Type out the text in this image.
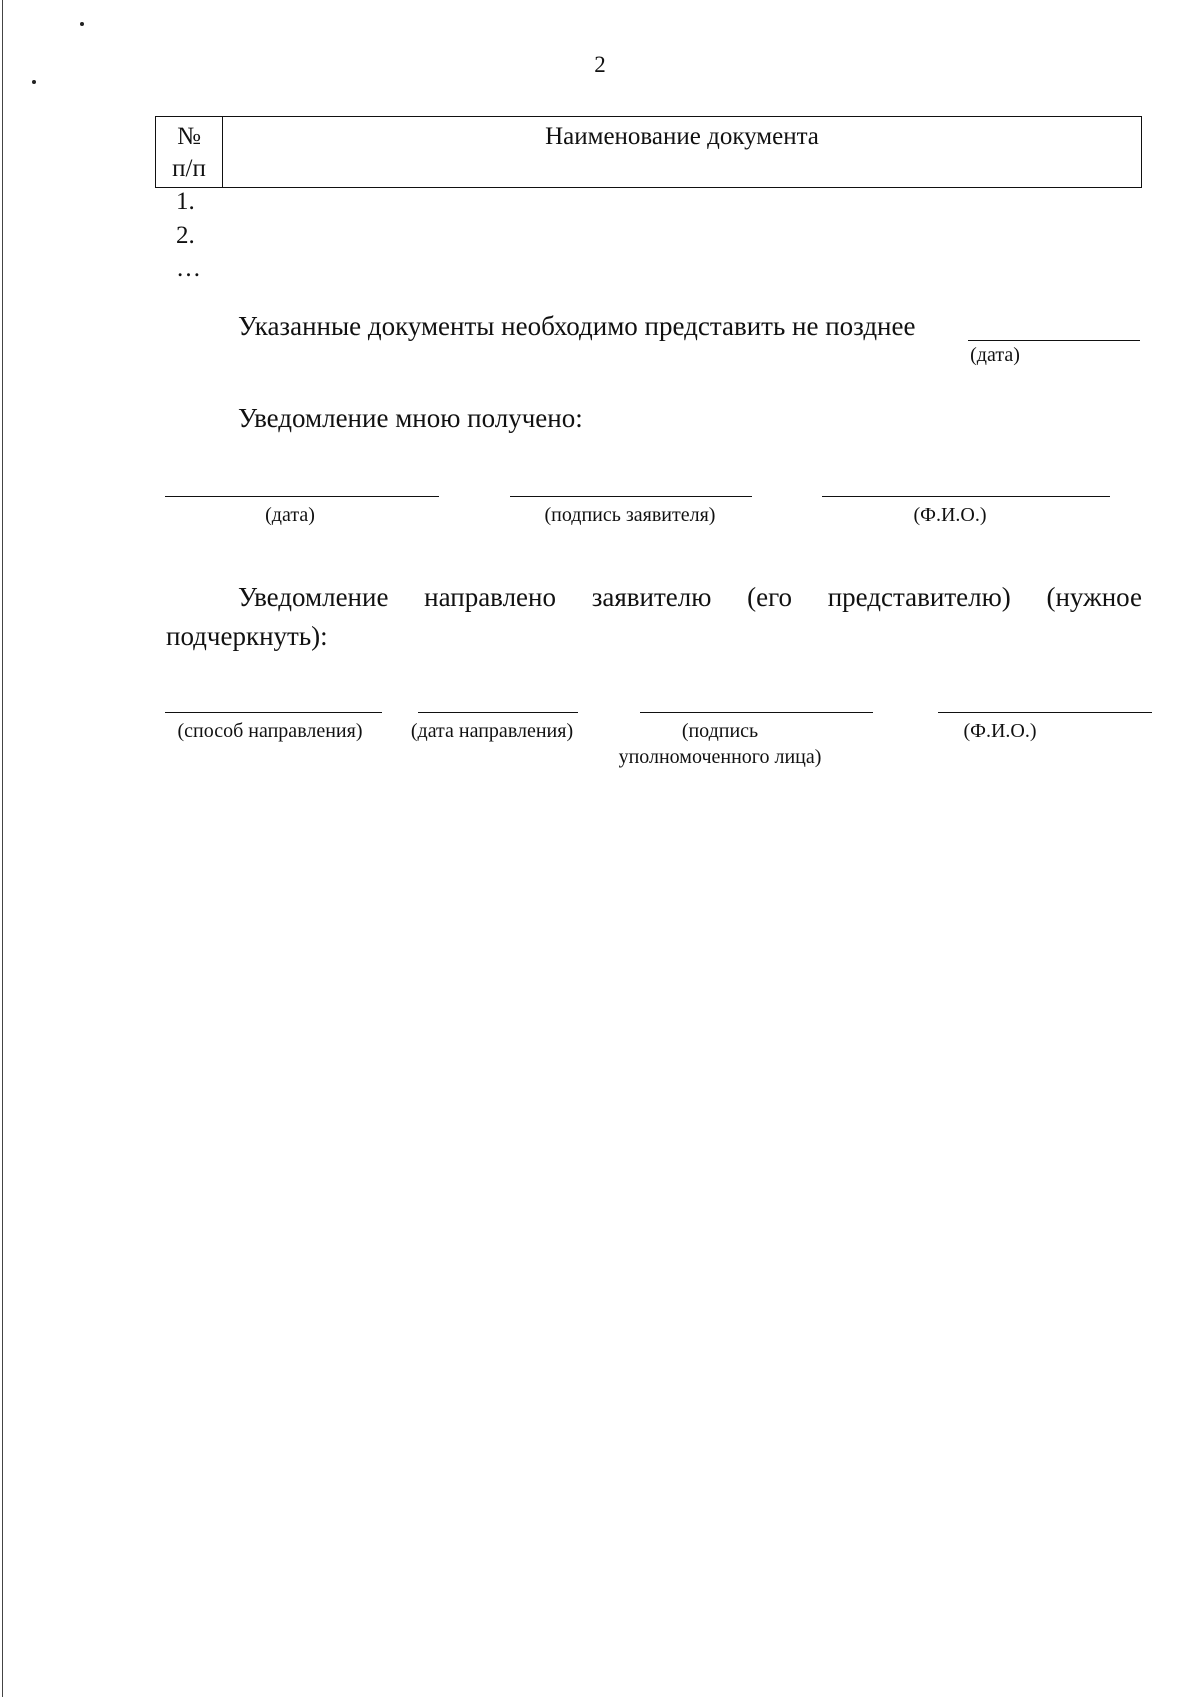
2
№
п/п	Наименование документа
1.
2.
…
Указанные документы необходимо представить не позднее
(дата)
Уведомление мною получено:
(дата)	(подпись заявителя)	(Ф.И.О.)
Уведомление направлено заявителю (его представителю) (нужное
подчеркнуть):
(способ направления)	(дата направления)	(подпись
уполномоченного лица)
(Ф.И.О.)
